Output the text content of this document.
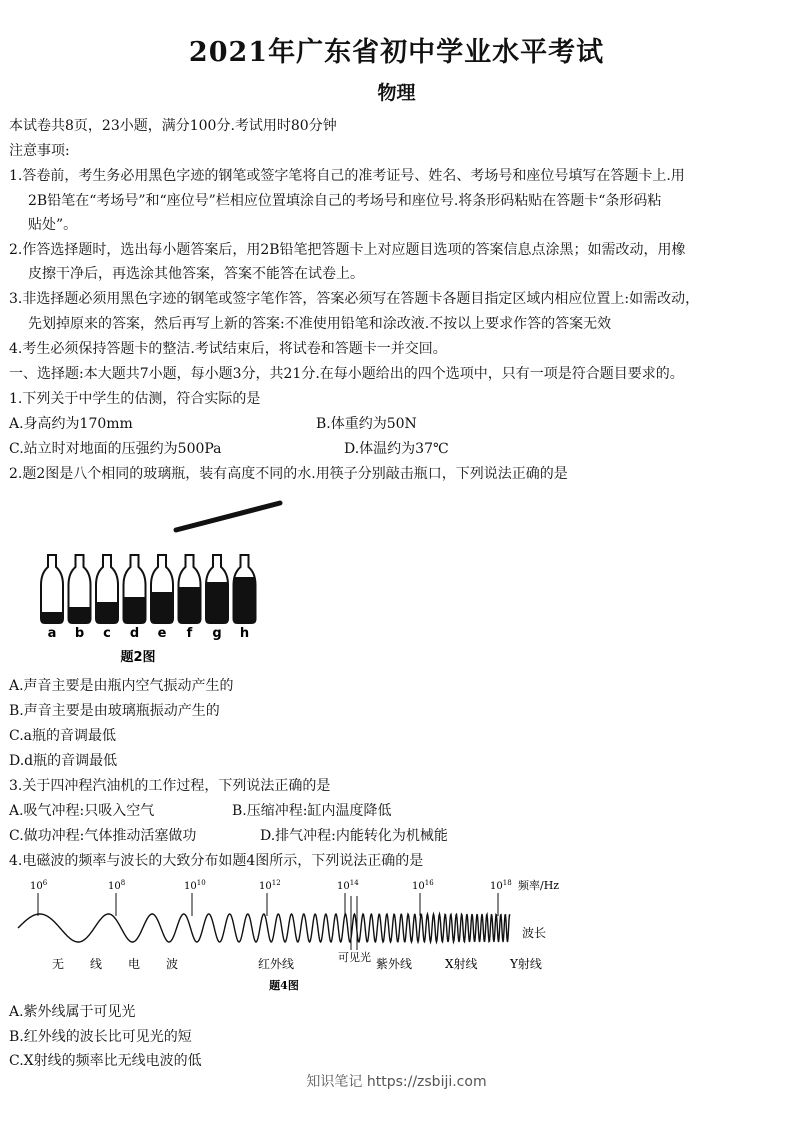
2021年广东省初中学业水平考试
物理
本试卷共8页，23小题，满分100分.考试用时80分钟
注意事项:
1.答卷前，考生务必用黑色字迹的钢笔或签字笔将自己的准考证号、姓名、考场号和座位号填写在答题卡上.用
2B铅笔在“考场号”和“座位号”栏相应位置填涂自己的考场号和座位号.将条形码粘贴在答题卡“条形码粘
贴处”。
2.作答选择题时，选出每小题答案后，用2B铅笔把答题卡上对应题目选项的答案信息点涂黑；如需改动，用橡
皮擦干净后，再选涂其他答案，答案不能答在试卷上。
3.非选择题必须用黑色字迹的钢笔或签字笔作答，答案必须写在答题卡各题目指定区域内相应位置上:如需改动，
先划掉原来的答案，然后再写上新的答案:不准使用铅笔和涂改液.不按以上要求作答的答案无效
4.考生必须保持答题卡的整洁.考试结束后，将试卷和答题卡一并交回。
一、选择题:本大题共7小题，每小题3分，共21分.在每小题给出的四个选项中，只有一项是符合题目要求的。
1.下列关于中学生的估测，符合实际的是
A.身高约为170mm	B.体重约为50N
C.站立时对地面的压强约为500Pa	D.体温约为37℃
2.题2图是八个相同的玻璃瓶，装有高度不同的水.用筷子分别敲击瓶口，下列说法正确的是
a b c d e f g h
题2图
A.声音主要是由瓶内空气振动产生的
B.声音主要是由玻璃瓶振动产生的
C.a瓶的音调最低
D.d瓶的音调最低
3.关于四冲程汽油机的工作过程，下列说法正确的是
A.吸气冲程:只吸入空气	B.压缩冲程:缸内温度降低
C.做功冲程:气体推动活塞做功	D.排气冲程:内能转化为机械能
4.电磁波的频率与波长的大致分布如题4图所示，下列说法正确的是
$10^6$	$10^8$	$10^{10}$	$10^{12}$	$10^{14}$	$10^{16}$	$10^{18}$ 频率/Hz
波长
无 线 电 波	红外线	可见光 紫外线	X射线	Y射线
题4图
A.紫外线属于可见光
B.红外线的波长比可见光的短
C.X射线的频率比无线电波的低
知识笔记 https://zsbiji.com
